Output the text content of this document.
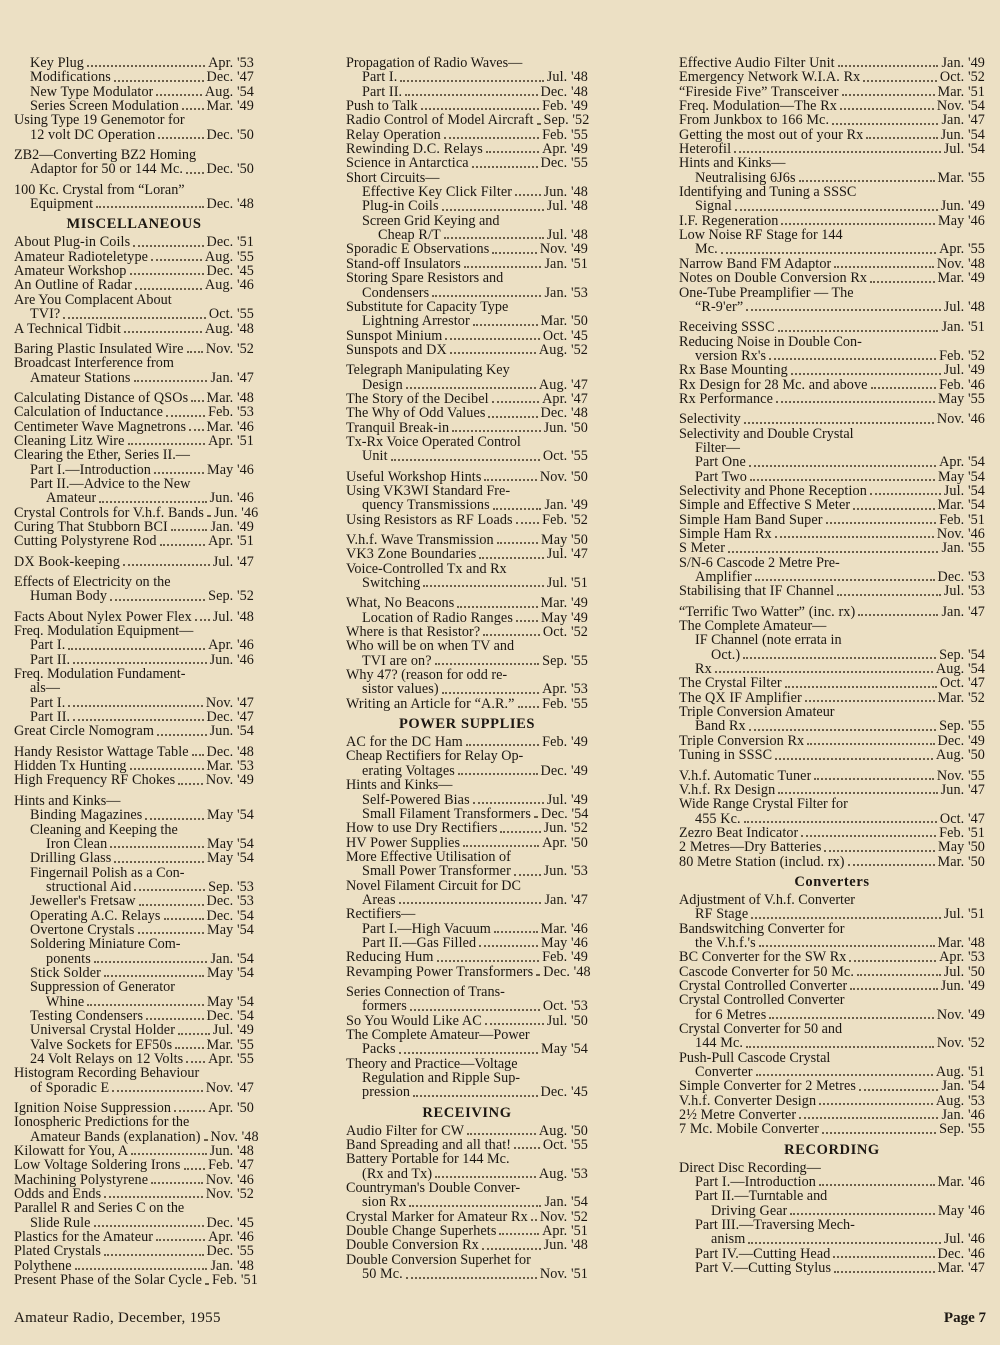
Key Plug	Apr. '53
Modifications	Dec. '47
New Type Modulator	Aug. '54
Series Screen Modulation Mar. '49
Using Type 19 Genemotor for
12 volt DC Operation	Dec. '50
ZB2—Converting BZ2 Homing
Adaptor for 50 or 144 Mc. Dec. '50
100 Kc. Crystal from “Loran”
Equipment	Dec. '48
MISCELLANEOUS
About Plug-in Coils	Dec. '51
Amateur Radioteletype	Aug. '55
Amateur Workshop	Dec. '45
An Outline of Radar	Aug. '46
Are You Complacent About
TVI?	Oct. '55
A Technical Tidbit	Aug. '48
Baring Plastic Insulated Wire Nov. '52
Broadcast Interference from
Amateur Stations	Jan. '47
Calculating Distance of QSOs Mar. '48
Calculation of Inductance	Feb. '53
Centimeter Wave Magnetrons Mar. '46
Cleaning Litz Wire	Apr. '51
Clearing the Ether, Series II.—
Part I.—Introduction	May '46
Part II.—Advice to the New
Amateur	Jun. '46
Crystal Controls for V.h.f. Bands Jun. '46
Curing That Stubborn BCI	Jan. '49
Cutting Polystyrene Rod	Apr. '51
DX Book-keeping	Jul. '47
Effects of Electricity on the
Human Body	Sep. '52
Facts About Nylex Power Flex Jul. '48
Freq. Modulation Equipment—
Part I.	Apr. '46
Part II.	Jun. '46
Freq. Modulation Fundament-
als—
Part I.	Nov. '47
Part II.	Dec. '47
Great Circle Nomogram	Jun. '54
Handy Resistor Wattage Table Dec. '48
Hidden Tx Hunting	Mar. '53
High Frequency RF Chokes Nov. '49
Hints and Kinks—
Binding Magazines	May '54
Cleaning and Keeping the
Iron Clean	May '54
Drilling Glass	May '54
Fingernail Polish as a Con-
structional Aid	Sep. '53
Jeweller's Fretsaw	Dec. '53
Operating A.C. Relays	Dec. '54
Overtone Crystals	May '54
Soldering Miniature Com-
ponents	Jan. '54
Stick Solder	May '54
Suppression of Generator
Whine	May '54
Testing Condensers	Dec. '54
Universal Crystal Holder	Jul. '49
Valve Sockets for EF50s Mar. '55
24 Volt Relays on 12 Volts Apr. '55
Histogram Recording Behaviour
of Sporadic E	Nov. '47
Ignition Noise Suppression	Apr. '50
Ionospheric Predictions for the
Amateur Bands (explanation) Nov. '48
Kilowatt for You, A	Jun. '48
Low Voltage Soldering Irons Feb. '47
Machining Polystyrene	Nov. '46
Odds and Ends	Nov. '52
Parallel R and Series C on the
Slide Rule	Dec. '45
Plastics for the Amateur	Apr. '46
Plated Crystals	Dec. '55
Polythene	Jan. '48
Present Phase of the Solar Cycle Feb. '51
Propagation of Radio Waves—
Part I.	Jul. '48
Part II.	Dec. '48
Push to Talk	Feb. '49
Radio Control of Model Aircraft Sep. '52
Relay Operation	Feb. '55
Rewinding D.C. Relays	Apr. '49
Science in Antarctica	Dec. '55
Short Circuits—
Effective Key Click Filter Jun. '48
Plug-in Coils	Jul. '48
Screen Grid Keying and
Cheap R/T	Jul. '48
Sporadic E Observations	Nov. '49
Stand-off Insulators	Jan. '51
Storing Spare Resistors and
Condensers	Jan. '53
Substitute for Capacity Type
Lightning Arrestor	Mar. '50
Sunspot Minium	Oct. '45
Sunspots and DX	Aug. '52
Telegraph Manipulating Key
Design	Aug. '47
The Story of the Decibel	Apr. '47
The Why of Odd Values	Dec. '48
Tranquil Break-in	Jun. '50
Tx-Rx Voice Operated Control
Unit	Oct. '55
Useful Workshop Hints	Nov. '50
Using VK3WI Standard Fre-
quency Transmissions	Jan. '49
Using Resistors as RF Loads Feb. '52
V.h.f. Wave Transmission	May '50
VK3 Zone Boundaries	Jul. '47
Voice-Controlled Tx and Rx
Switching	Jul. '51
What, No Beacons	Mar. '49
Location of Radio Ranges May '49
Where is that Resistor?	Oct. '52
Who will be on when TV and
TVI are on?	Sep. '55
Why 47? (reason for odd re-
sistor values)	Apr. '53
Writing an Article for “A.R.” Feb. '55
POWER SUPPLIES
AC for the DC Ham	Feb. '49
Cheap Rectifiers for Relay Op-
erating Voltages	Dec. '49
Hints and Kinks—
Self-Powered Bias	Jul. '49
Small Filament Transformers Dec. '54
How to use Dry Rectifiers	Jun. '52
HV Power Supplies	Apr. '50
More Effective Utilisation of
Small Power Transformer Jun. '53
Novel Filament Circuit for DC
Areas	Jan. '47
Rectifiers—
Part I.—High Vacuum	Mar. '46
Part II.—Gas Filled	May '46
Reducing Hum	Feb. '49
Revamping Power Transformers Dec. '48
Series Connection of Trans-
formers	Oct. '53
So You Would Like AC	Jul. '50
The Complete Amateur—Power
Packs	May '54
Theory and Practice—Voltage
Regulation and Ripple Sup-
pression	Dec. '45
RECEIVING
Audio Filter for CW	Aug. '50
Band Spreading and all that! Oct. '55
Battery Portable for 144 Mc.
(Rx and Tx)	Aug. '53
Countryman's Double Conver-
sion Rx	Jan. '54
Crystal Marker for Amateur Rx Nov. '52
Double Change Superhets	Apr. '51
Double Conversion Rx	Jun. '48
Double Conversion Superhet for
50 Mc.	Nov. '51
Effective Audio Filter Unit	Jan. '49
Emergency Network W.I.A. Rx	Oct. '52
“Fireside Five” Transceiver	Mar. '51
Freq. Modulation—The Rx	Nov. '54
From Junkbox to 166 Mc.	Jan. '47
Getting the most out of your Rx	Jun. '54
Heterofil	Jul. '54
Hints and Kinks—
Neutralising 6J6s	Mar. '55
Identifying and Tuning a SSSC
Signal	Jun. '49
I.F. Regeneration	May '46
Low Noise RF Stage for 144
Mc.	Apr. '55
Narrow Band FM Adaptor	Nov. '48
Notes on Double Conversion Rx	Mar. '49
One-Tube Preamplifier — The
“R-9'er”	Jul. '48
Receiving SSSC	Jan. '51
Reducing Noise in Double Con-
version Rx's	Feb. '52
Rx Base Mounting	Jul. '49
Rx Design for 28 Mc. and above	Feb. '46
Rx Performance	May '55
Selectivity	Nov. '46
Selectivity and Double Crystal
Filter—
Part One	Apr. '54
Part Two	May '54
Selectivity and Phone Reception	Jul. '54
Simple and Effective S Meter	Mar. '54
Simple Ham Band Super	Feb. '51
Simple Ham Rx	Nov. '46
S Meter	Jan. '55
S/N-6 Cascode 2 Metre Pre-
Amplifier	Dec. '53
Stabilising that IF Channel	Jul. '53
“Terrific Two Watter” (inc. rx)	Jan. '47
The Complete Amateur—
IF Channel (note errata in
Oct.)	Sep. '54
Rx	Aug. '54
The Crystal Filter	Oct. '47
The QX IF Amplifier	Mar. '52
Triple Conversion Amateur
Band Rx	Sep. '55
Triple Conversion Rx	Dec. '49
Tuning in SSSC	Aug. '50
V.h.f. Automatic Tuner	Nov. '55
V.h.f. Rx Design	Jun. '47
Wide Range Crystal Filter for
455 Kc.	Oct. '47
Zezro Beat Indicator	Feb. '51
2 Metres—Dry Batteries	May '50
80 Metre Station (includ. rx)	Mar. '50
Converters
Adjustment of V.h.f. Converter
RF Stage	Jul. '51
Bandswitching Converter for
the V.h.f.'s	Mar. '48
BC Converter for the SW Rx	Apr. '53
Cascode Converter for 50 Mc.	Jul. '50
Crystal Controlled Converter	Jun. '49
Crystal Controlled Converter
for 6 Metres	Nov. '49
Crystal Converter for 50 and
144 Mc.	Nov. '52
Push-Pull Cascode Crystal
Converter	Aug. '51
Simple Converter for 2 Metres	Jan. '54
V.h.f. Converter Design	Aug. '53
2½ Metre Converter	Jan. '46
7 Mc. Mobile Converter	Sep. '55
RECORDING
Direct Disc Recording—
Part I.—Introduction	Mar. '46
Part II.—Turntable and
Driving Gear	May '46
Part III.—Traversing Mech-
anism	Jul. '46
Part IV.—Cutting Head	Dec. '46
Part V.—Cutting Stylus	Mar. '47
Amateur Radio, December, 1955	Page 7
